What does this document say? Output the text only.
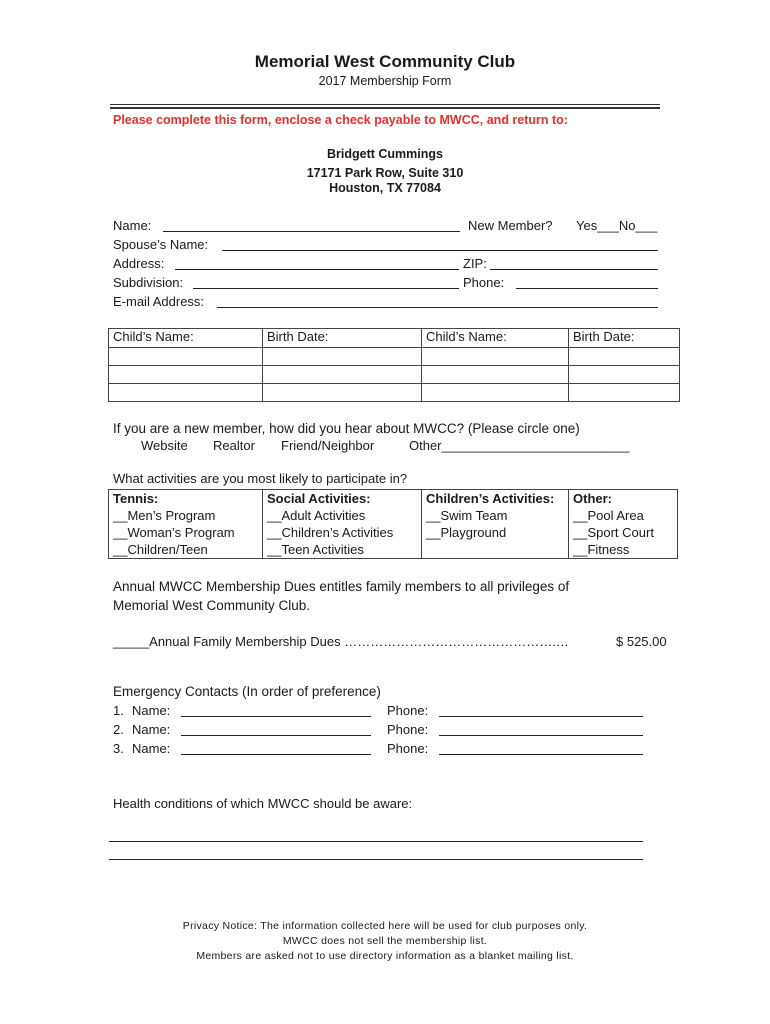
Memorial West Community Club
2017 Membership Form
Please complete this form, enclose a check payable to MWCC, and return to:
Bridgett Cummings
17171 Park Row, Suite 310
Houston, TX 77084
Name:	New Member? Yes___No___
Spouse’s Name:
Address:	ZIP:
Subdivision:	Phone:
E-mail Address:
Child’s Name:	Birth Date:	Child’s Name:	Birth Date:

If you are a new member, how did you hear about MWCC? (Please circle one)
Website Realtor Friend/Neighbor	Other__________________________
What activities are you most likely to participate in?
Tennis:	Social Activities:	Children’s Activities:	Other:
__Men’s Program	__Adult Activities	__Swim Team	__Pool Area
__Woman’s Program	__Children’s Activities	__Playground	__Sport Court
__Children/Teen	__Teen Activities		__Fitness
Annual MWCC Membership Dues entitles family members to all privileges of
Memorial West Community Club.
_____Annual Family Membership Dues ………………………………………….…	$ 525.00
Emergency Contacts (In order of preference)
1. Name:	Phone:
2. Name:	Phone:
3. Name:	Phone:
Health conditions of which MWCC should be aware:
Privacy Notice: The information collected here will be used for club purposes only.
MWCC does not sell the membership list.
Members are asked not to use directory information as a blanket mailing list.
